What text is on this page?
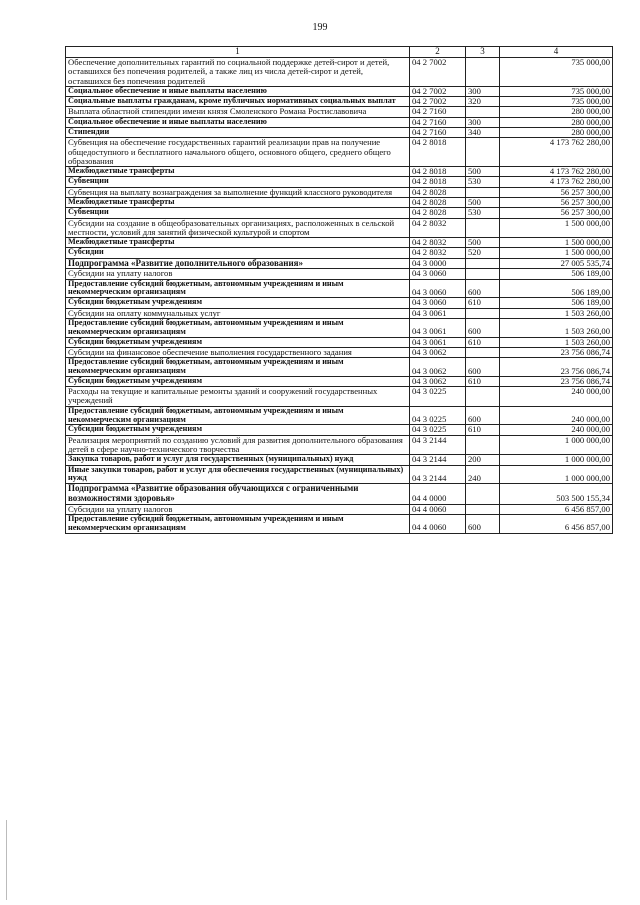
199
1	2	3	4
Обеспечение дополнительных гарантий по социальной поддержке детей-сирот и детей, оставшихся без попечения родителей, а также лиц из числа детей-сирот и детей, оставшихся без попечения родителей	04 2 7002		735 000,00
Социальное обеспечение и иные выплаты населению	04 2 7002	300	735 000,00
Социальные выплаты гражданам, кроме публичных нормативных социальных выплат	04 2 7002	320	735 000,00
Выплата областной стипендии имени князя Смоленского Романа Ростиславовича	04 2 7160		280 000,00
Социальное обеспечение и иные выплаты населению	04 2 7160	300	280 000,00
Стипендии	04 2 7160	340	280 000,00
Субвенция на обеспечение государственных гарантий реализации прав на получение общедоступного и бесплатного начального общего, основного общего, среднего общего образования	04 2 8018		4 173 762 280,00
Межбюджетные трансферты	04 2 8018	500	4 173 762 280,00
Субвенции	04 2 8018	530	4 173 762 280,00
Субвенция на выплату вознаграждения за выполнение функций классного руководителя	04 2 8028		56 257 300,00
Межбюджетные трансферты	04 2 8028	500	56 257 300,00
Субвенции	04 2 8028	530	56 257 300,00
Субсидии на создание в общеобразовательных организациях, расположенных в сельской местности, условий для занятий физической культурой и спортом	04 2 8032		1 500 000,00
Межбюджетные трансферты	04 2 8032	500	1 500 000,00
Субсидии	04 2 8032	520	1 500 000,00
Подпрограмма «Развитие дополнительного образования»	04 3 0000		27 005 535,74
Субсидии на уплату налогов	04 3 0060		506 189,00
Предоставление субсидий бюджетным, автономным учреждениям и иным некоммерческим организациям	04 3 0060	600	506 189,00
Субсидии бюджетным учреждениям	04 3 0060	610	506 189,00
Субсидии на оплату коммунальных услуг	04 3 0061		1 503 260,00
Предоставление субсидий бюджетным, автономным учреждениям и иным некоммерческим организациям	04 3 0061	600	1 503 260,00
Субсидии бюджетным учреждениям	04 3 0061	610	1 503 260,00
Субсидии на финансовое обеспечение выполнения государственного задания	04 3 0062		23 756 086,74
Предоставление субсидий бюджетным, автономным учреждениям и иным некоммерческим организациям	04 3 0062	600	23 756 086,74
Субсидии бюджетным учреждениям	04 3 0062	610	23 756 086,74
Расходы на текущие и капитальные ремонты зданий и сооружений государственных учреждений	04 3 0225		240 000,00
Предоставление субсидий бюджетным, автономным учреждениям и иным некоммерческим организациям	04 3 0225	600	240 000,00
Субсидии бюджетным учреждениям	04 3 0225	610	240 000,00
Реализация мероприятий по созданию условий для развития дополнительного образования детей в сфере научно-технического творчества	04 3 2144		1 000 000,00
Закупка товаров, работ и услуг для государственных (муниципальных) нужд	04 3 2144	200	1 000 000,00
Иные закупки товаров, работ и услуг для обеспечения государственных (муниципальных) нужд	04 3 2144	240	1 000 000,00
Подпрограмма «Развитие образования обучающихся с ограниченными возможностями здоровья»	04 4 0000		503 500 155,34
Субсидии на уплату налогов	04 4 0060		6 456 857,00
Предоставление субсидий бюджетным, автономным учреждениям и иным некоммерческим организациям	04 4 0060	600	6 456 857,00
